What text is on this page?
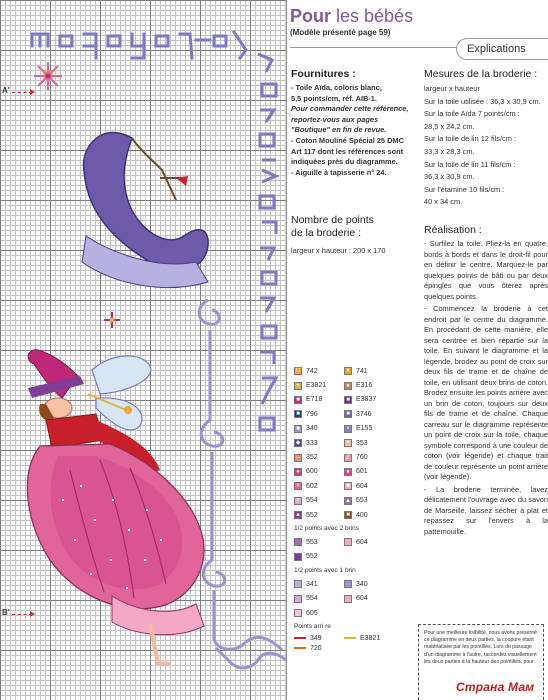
A'
B'
Pour les bébés
(Modèle présenté page 59)
Explications
Fournitures :
- Toile Aïda, coloris blanc,
5,5 points/cm, réf. AIB-1.
Pour commander cette référence,
reportez-vous aux pages
"Boutique" en fin de revue.
- Coton Mouliné Spécial 25 DMC
Art 117 dont les références sont
indiquées près du diagramme.
- Aiguille à tapisserie n° 24.
Nombre de points
de la broderie :
largeur x hauteur : 200 x 170
Mesures de la broderie :
largeur x hauteur
Sur la toile utilisée : 36,3 x 30,9 cm.
Sur la toile Aïda 7 points/cm :
28,5 x 24,2 cm.
Sur la toile de lin 12 fils/cm :
33,3 x 28,3 cm.
Sur la toile de lin 11 fils/cm :
36,3 x 30,9 cm.
Sur l'étamine 10 fils/cm :
40 x 34 cm.
Réalisation :
- Surfilez la toile. Pliez-la en quatre, bords à bords et dans le droit-fil pour en définir le centre. Marquez-le par quelques points de bâti ou par deux épingles que vous ôterez après quelques points.
- Commencez la broderie à cet endroit par le centre du diagramme. En procédant de cette manière, elle sera centrée et bien répartie sur la toile. En suivant le diagramme et la légende, brodez au point de croix sur deux fils de trame et de chaîne de toile, en utilisant deux brins de coton. Brodez ensuite les points arrière avec un brin de coton, toujours sur deux fils de trame et de chaîne. Chaque carreau sur le diagramme représente un point de croix sur la toile, chaque symbole correspond à une couleur de coton (voir légende) et chaque trait de couleur représente un point arrière (voir légende).
- La broderie terminée, lavez délicatement l'ouvrage avec du savon de Marseille, laissez sécher à plat et repassez sur l'envers à la pattemouille.
U 742	▼ 741
+ E3821	● E316
■ E718	■ E3837
■ 796	■ 3746
■ 340	× E155
◆ 333	× 353
– 352	Z 760
● 600	● 601
× 602	■ 604
× 554	▲ 553
▲ 552	■ 400
1/2 points avec 2 brins
553	604
552
1/2 points avec 1 brin
341	340
554	604
605
Points arri re
349	E3821
720
Pour une meilleure lisibilité, nous avons présenté ce diagramme en deux parties, la coupure étant matérialisée par les pointillés. Lors du passage d'un diagramme à l'autre, raccordez visuellement les deux parties à la hauteur des pointillés, pour
Страна Мам
